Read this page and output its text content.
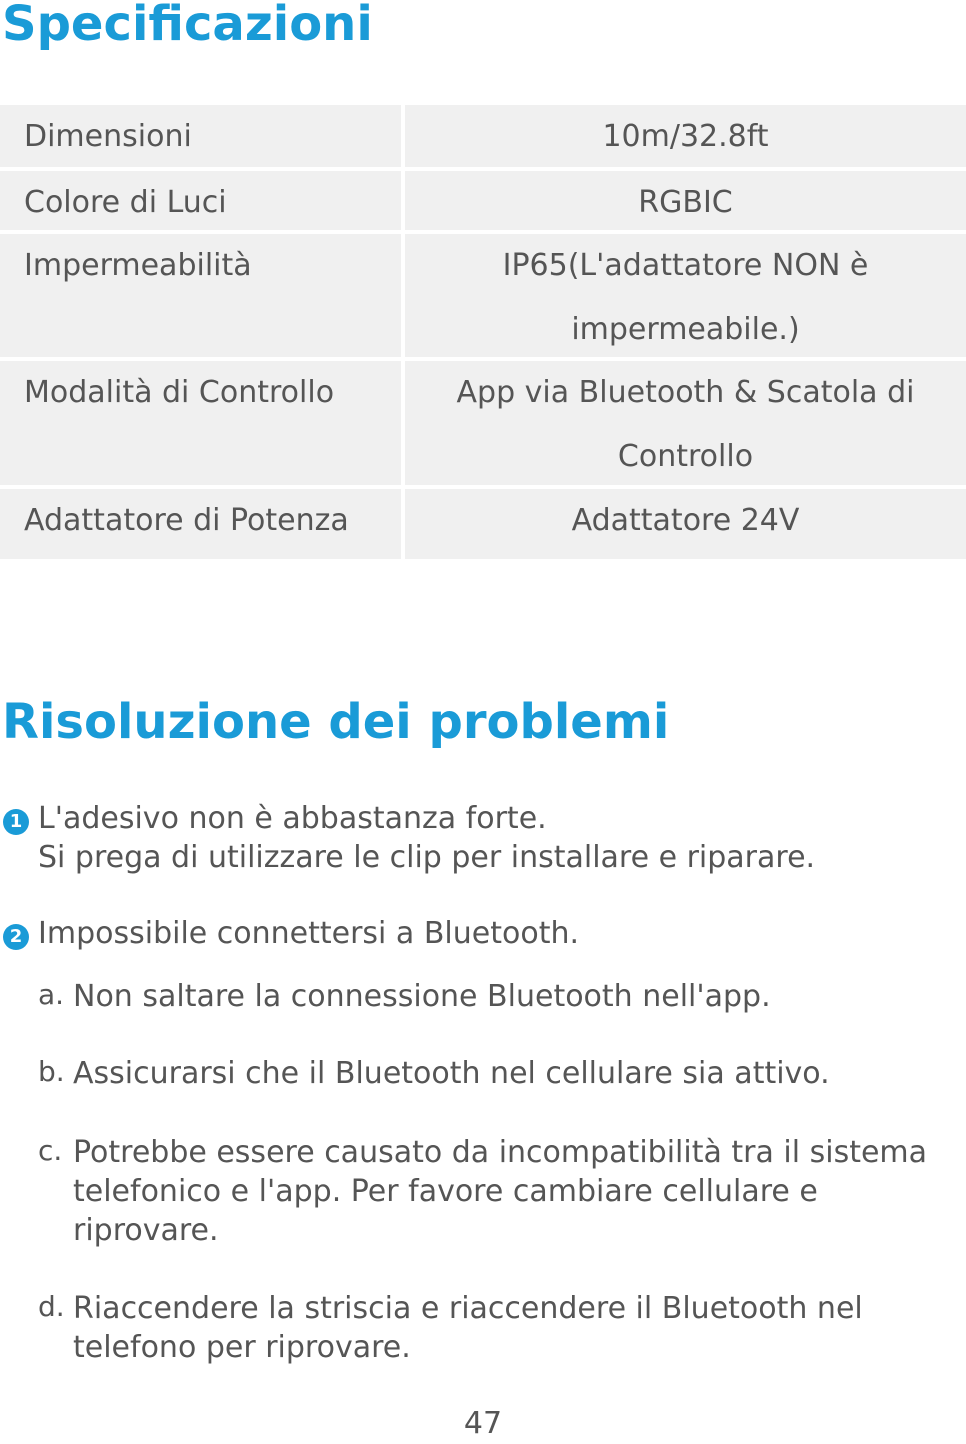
Specificazioni
Dimensioni	10m/32.8ft
Colore di Luci	RGBIC
Impermeabilità	IP65(L'adattatore NON è impermeabile.)
Modalità di Controllo	App via Bluetooth & Scatola di Controllo
Adattatore di Potenza	Adattatore 24V
Risoluzione dei problemi
1 L'adesivo non è abbastanza forte.
Si prega di utilizzare le clip per installare e riparare.
2 Impossibile connettersi a Bluetooth.
a. Non saltare la connessione Bluetooth nell'app.

b. Assicurarsi che il Bluetooth nel cellulare sia attivo.

c. Potrebbe essere causato da incompatibilità tra il sistema telefonico e l'app. Per favore cambiare cellulare e riprovare.

d. Riaccendere la striscia e riaccendere il Bluetooth nel telefono per riprovare.

47
